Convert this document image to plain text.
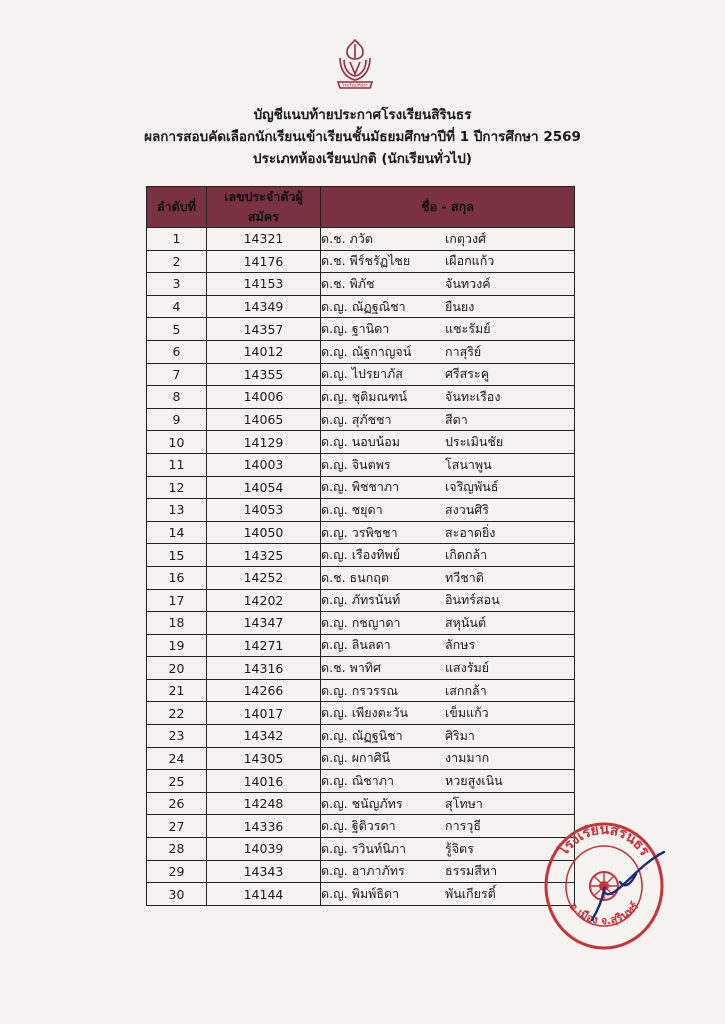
โรงเรียนสิรินธร
บัญชีแนบท้ายประกาศโรงเรียนสิรินธร
ผลการสอบคัดเลือกนักเรียนเข้าเรียนชั้นมัธยมศึกษาปีที่ 1 ปีการศึกษา 2569
ประเภทห้องเรียนปกติ (นักเรียนทั่วไป)
ลำดับที่	เลขประจำตัวผู้สมัคร	ชื่อ - สกุล
1	14321	ด.ช. ภวัต เกตุวงศ์
2	14176	ด.ช. พีร์ชรัฏไชย เผือกแก้ว
3	14153	ด.ช. พิภัช จันทวงค์
4	14349	ด.ญ. ณัฏฐณิชา ยืนยง
5	14357	ด.ญ. ฐานิดา แชะรัมย์
6	14012	ด.ญ. ณัฐกาญจน์ กาสุริย์
7	14355	ด.ญ. ไปรยาภัส ศรีสระคู
8	14006	ด.ญ. ชุติมณฑน์ จันทะเรือง
9	14065	ด.ญ. สุภัชชา สีดา
10	14129	ด.ญ. นอบน้อม ประเมินชัย
11	14003	ด.ญ. จินตพร โสนาพูน
12	14054	ด.ญ. พิชชาภา เจริญพันธ์
13	14053	ด.ญ. ชยุดา สงวนศิริ
14	14050	ด.ญ. วรพิชชา สะอาดยิ่ง
15	14325	ด.ญ. เรืองทิพย์ เกิดกล้า
16	14252	ด.ช. ธนกฤต ทวีชาติ
17	14202	ด.ญ. ภัทรนันท์ อินทร์สอน
18	14347	ด.ญ. กชญาดา สหุนันต์
19	14271	ด.ญ. ลินลดา ลักษร
20	14316	ด.ช. พาทิศ แสงรัมย์
21	14266	ด.ญ. กรวรรณ เสกกล้า
22	14017	ด.ญ. เพียงตะวัน เข็มแก้ว
23	14342	ด.ญ. ณัฏฐนิชา ศิริมา
24	14305	ด.ญ. ผกาศินี งามมาก
25	14016	ด.ญ. ณิชาภา หวยสูงเนิน
26	14248	ด.ญ. ชนัญภัทร สุโทษา
27	14336	ด.ญ. ฐิติวรดา การวุธี
28	14039	ด.ญ. รวินท์นิภา รู้จิตร
29	14343	ด.ญ. อาภาภัทร ธรรมสีหา
30	14144	ด.ญ. พิมพ์ธิดา พันเกียรติ์
โรงเรียนสิรินธร
อ.เมือง จ.สุรินทร์
